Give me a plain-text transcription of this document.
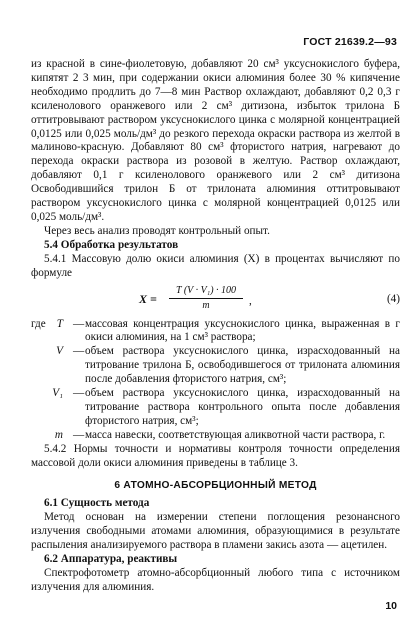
ГОСТ 21639.2—93

из красной в сине-фиолетовую, добавляют 20 см³ уксуснокислого буфера, кипятят 2 3 мин, при содержании окиси алюминия более 30 % кипячение необходимо продлить до 7—8 мин Раствор охлаждают, добавляют 0,2 0,3 г ксиленолового оранжевого или 2 см³ дитизона, избыток трилона Б оттитровывают раствором уксуснокислого цинка с молярной концентрацией 0,0125 или 0,025 моль/дм³ до резкого перехода окраски раствора из желтой в малиново-красную. Добавляют 80 см³ фтористого натрия, нагревают до перехода окраски раствора из розовой в желтую. Раствор охлаждают, добавляют 0,1 г ксиленолового оранжевого или 2 см³ дитизона Освободившийся трилон Б от трилоната алюминия оттитровывают раствором уксуснокислого цинка с молярной концентрацией 0,0125 или 0,025 моль/дм³.

Через весь анализ проводят контрольный опыт.

5.4 Обработка результатов

5.4.1 Массовую долю окиси алюминия (X) в процентах вычисляют по формуле

$X = \frac{\text{T (V · V₁) · 100}}{m}$ ,	(4)
где T — массовая концентрация уксуснокислого цинка, выраженная в г окиси алюминия, на 1 см³ раствора;
V — объем раствора уксуснокислого цинка, израсходованный на титрование трилона Б, освободившегося от трилоната алюминия после добавления фтористого натрия, см³;
V₁ — объем раствора уксуснокислого цинка, израсходованный на титрование раствора контрольного опыта после добавления фтористого натрия, см³;
m — масса навески, соответствующая аликвотной части раствора, г.

5.4.2 Нормы точности и нормативы контроля точности определения массовой доли окиси алюминия приведены в таблице 3.

6 АТОМНО-АБСОРБЦИОННЫЙ МЕТОД

6.1 Сущность метода

Метод основан на измерении степени поглощения резонансного излучения свободными атомами алюминия, образующимися в результате распыления анализируемого раствора в пламени закись азота — ацетилен.

6.2 Аппаратура, реактивы

Спектрофотометр атомно-абсорбционный любого типа с источником излучения для алюминия.

10
